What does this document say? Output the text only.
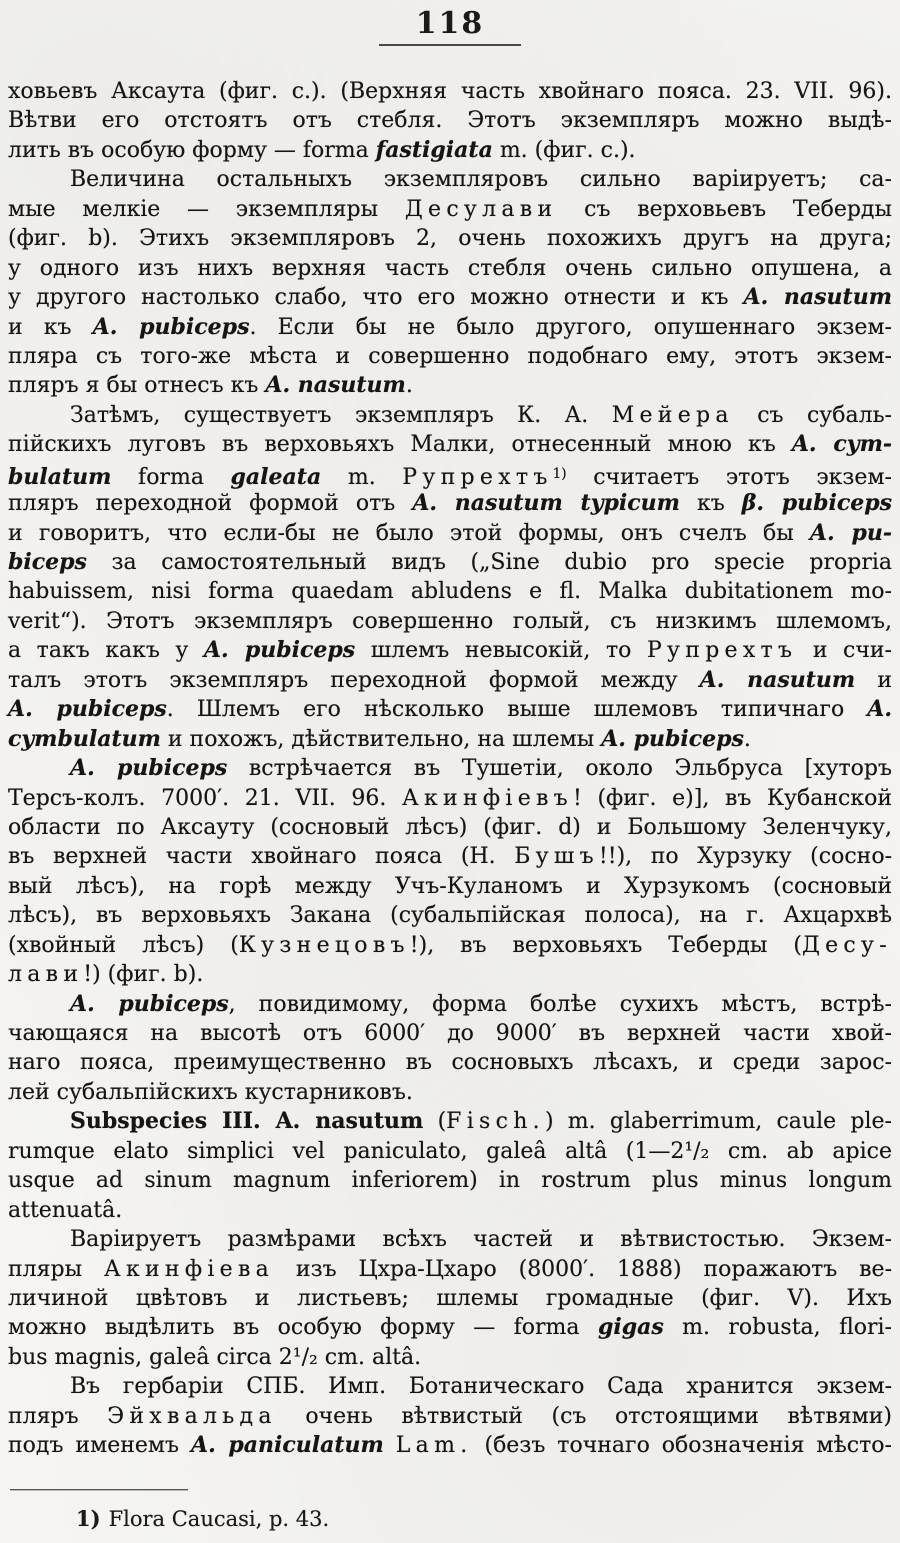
118
ховьевъ Аксаута (фиг. с.). (Верхняя часть хвойнаго пояса. 23. VII. 96).
Вѣтви его отстоятъ отъ стебля. Этотъ экземпляръ можно выдѣ-
лить въ особую форму — forma fastigiata m. (фиг. с.).
Величина остальныхъ экземпляровъ сильно варіируетъ; са-
мые мелкіе — экземпляры Десулави съ верховьевъ Теберды
(фиг. b). Этихъ экземпляровъ 2, очень похожихъ другъ на друга;
у одного изъ нихъ верхняя часть стебля очень сильно опушена, а
у другого настолько слабо, что его можно отнести и къ A. nasutum
и къ A. pubiceps. Если бы не было другого, опушеннаго экзем-
пляра съ того-же мѣста и совершенно подобнаго ему, этотъ экзем-
пляръ я бы отнесъ къ A. nasutum.
Затѣмъ, существуетъ экземпляръ К. А. Мейера съ субаль-
пійскихъ луговъ въ верховьяхъ Малки, отнесенный мною къ A. cym-
bulatum forma galeata m. Рупрехтъ$^{1)}$ считаетъ этотъ экзем-
пляръ переходной формой отъ A. nasutum typicum къ β. pubiceps
и говоритъ, что если-бы не было этой формы, онъ счелъ бы A. pu-
biceps за самостоятельный видъ („Sine dubio pro specie propria
habuissem, nisi forma quaedam abludens e fl. Malka dubitationem mo-
verit“). Этотъ экземпляръ совершенно голый, съ низкимъ шлемомъ,
а такъ какъ у A. pubiceps шлемъ невысокій, то Рупрехтъ и счи-
талъ этотъ экземпляръ переходной формой между A. nasutum и
A. pubiceps. Шлемъ его нѣсколько выше шлемовъ типичнаго A.
cymbulatum и похожъ, дѣйствительно, на шлемы A. pubiceps.
A. pubiceps встрѣчается въ Тушетіи, около Эльбруса [хуторъ
Терсъ-колъ. 7000′. 21. VII. 96. Акинфіевъ! (фиг. e)], въ Кубанской
области по Аксауту (сосновый лѣсъ) (фиг. d) и Большому Зеленчуку,
въ верхней части хвойнаго пояса (Н. Бушъ!!), по Хурзуку (сосно-
вый лѣсъ), на горѣ между Учъ-Куланомъ и Хурзукомъ (сосновый
лѣсъ), въ верховьяхъ Закана (субальпійская полоса), на г. Ахцархвѣ
(хвойный лѣсъ) (Кузнецовъ!), въ верховьяхъ Теберды (Десу-
лави!) (фиг. b).
A. pubiceps, повидимому, форма болѣе сухихъ мѣстъ, встрѣ-
чающаяся на высотѣ отъ 6000′ до 9000′ въ верхней части хвой-
наго пояса, преимущественно въ сосновыхъ лѣсахъ, и среди зарос-
лей субальпійскихъ кустарниковъ.
Subspecies III. A. nasutum (Fisch.) m. glaberrimum, caule ple-
rumque elato simplici vel paniculato, galeâ altâ (1—2¹/₂ cm. ab apice
usque ad sinum magnum inferiorem) in rostrum plus minus longum
attenuatâ.
Варіируетъ размѣрами всѣхъ частей и вѣтвистостью. Экзем-
пляры Акинфіева изъ Цхра-Цхаро (8000′. 1888) поражаютъ ве-
личиной цвѣтовъ и листьевъ; шлемы громадные (фиг. V). Ихъ
можно выдѣлить въ особую форму — forma gigas m. robusta, flori-
bus magnis, galeâ circa 2¹/₂ cm. altâ.
Въ гербаріи СПБ. Имп. Ботаническаго Сада хранится экзем-
пляръ Эйхвальда очень вѣтвистый (съ отстоящими вѣтвями)
подъ именемъ A. paniculatum Lam. (безъ точнаго обозначенія мѣсто-
1) Flora Caucasi, p. 43.
